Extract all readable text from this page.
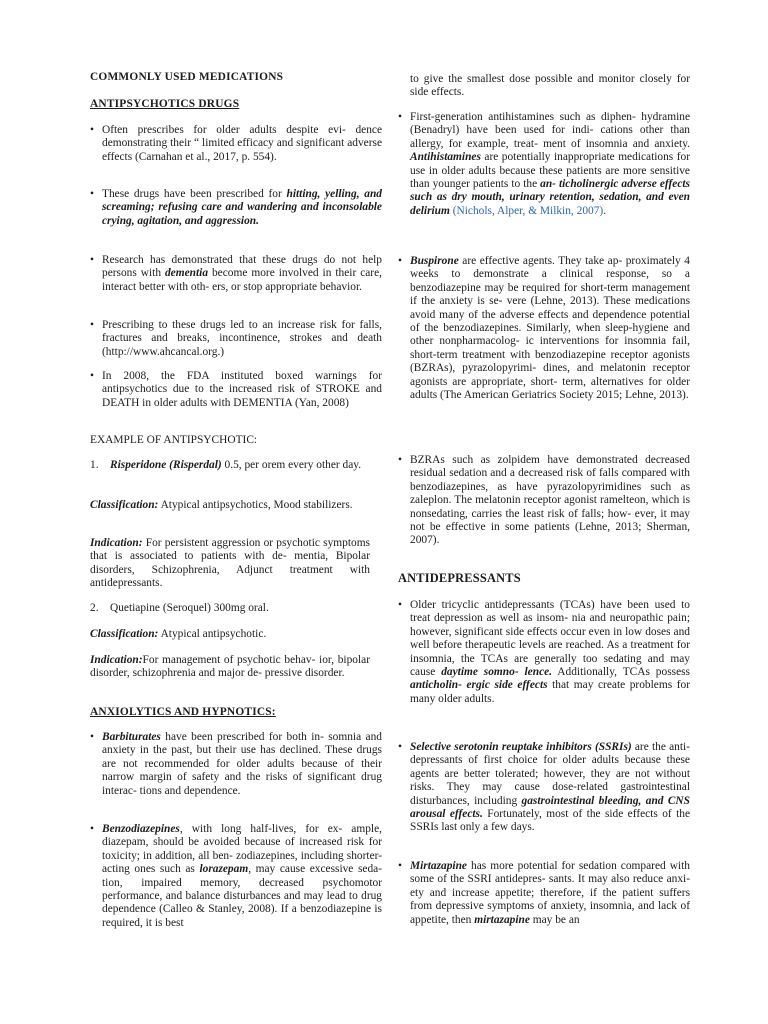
COMMONLY USED MEDICATIONS

ANTIPSYCHOTICS DRUGS

• Often prescribes for older adults despite evi- dence demonstrating their “ limited efficacy and significant adverse effects (Carnahan et al., 2017, p. 554).

• These drugs have been prescribed for hitting, yelling, and screaming; refusing care and wandering and inconsolable crying, agitation, and aggression.

• Research has demonstrated that these drugs do not help persons with dementia become more involved in their care, interact better with oth- ers, or stop appropriate behavior.

• Prescribing to these drugs led to an increase risk for falls, fractures and breaks, incontinence, strokes and death (http://www.ahcancal.org.)

• In 2008, the FDA instituted boxed warnings for antipsychotics due to the increased risk of STROKE and DEATH in older adults with DEMENTIA (Yan, 2008)

EXAMPLE OF ANTIPSYCHOTIC:

1. Risperidone (Risperdal) 0.5, per orem every other day.

Classification: Atypical antipsychotics, Mood stabilizers.

Indication: For persistent aggression or psychotic symptoms that is associated to patients with de- mentia, Bipolar disorders, Schizophrenia, Adjunct treatment with antidepressants.

2. Quetiapine (Seroquel) 300mg oral.

Classification: Atypical antipsychotic.

Indication:For management of psychotic behav- ior, bipolar disorder, schizophrenia and major de- pressive disorder.

ANXIOLYTICS AND HYPNOTICS:

• Barbiturates have been prescribed for both in- somnia and anxiety in the past, but their use has declined. These drugs are not recommended for older adults because of their narrow margin of safety and the risks of significant drug interac- tions and dependence.

• Benzodiazepines, with long half-lives, for ex- ample, diazepam, should be avoided because of increased risk for toxicity; in addition, all ben- zodiazepines, including shorter-acting ones such as lorazepam, may cause excessive seda- tion, impaired memory, decreased psychomotor performance, and balance disturbances and may lead to drug dependence (Calleo & Stanley, 2008). If a benzodiazepine is required, it is best

to give the smallest dose possible and monitor closely for side effects.

• First-generation antihistamines such as diphen- hydramine (Benadryl) have been used for indi- cations other than allergy, for example, treat- ment of insomnia and anxiety. Antihistamines are potentially inappropriate medications for use in older adults because these patients are more sensitive than younger patients to the an- ticholinergic adverse effects such as dry mouth, urinary retention, sedation, and even delirium (Nichols, Alper, & Milkin, 2007).

• Buspirone are effective agents. They take ap- proximately 4 weeks to demonstrate a clinical response, so a benzodiazepine may be required for short-term management if the anxiety is se- vere (Lehne, 2013). These medications avoid many of the adverse effects and dependence potential of the benzodiazepines. Similarly, when sleep-hygiene and other nonpharmacolog- ic interventions for insomnia fail, short-term treatment with benzodiazepine receptor agonists (BZRAs), pyrazolopyrimi- dines, and melatonin receptor agonists are appropriate, short- term, alternatives for older adults (The American Geriatrics Society 2015; Lehne, 2013).

• BZRAs such as zolpidem have demonstrated decreased residual sedation and a decreased risk of falls compared with benzodiazepines, as have pyrazolopyrimidines such as zaleplon. The melatonin receptor agonist ramelteon, which is nonsedating, carries the least risk of falls; how- ever, it may not be effective in some patients (Lehne, 2013; Sherman, 2007).

ANTIDEPRESSANTS

• Older tricyclic antidepressants (TCAs) have been used to treat depression as well as insom- nia and neuropathic pain; however, significant side effects occur even in low doses and well before therapeutic levels are reached. As a treatment for insomnia, the TCAs are generally too sedating and may cause daytime somno- lence. Additionally, TCAs possess anticholin- ergic side effects that may create problems for many older adults.

• Selective serotonin reuptake inhibitors (SSRIs) are the anti- depressants of first choice for older adults because these agents are better tolerated; however, they are not without risks. They may cause dose-related gastrointestinal disturbances, including gastrointestinal bleeding, and CNS arousal effects. Fortunately, most of the side effects of the SSRIs last only a few days.

• Mirtazapine has more potential for sedation compared with some of the SSRI antidepres- sants. It may also reduce anxi- ety and increase appetite; therefore, if the patient suffers from depressive symptoms of anxiety, insomnia, and lack of appetite, then mirtazapine may be an
